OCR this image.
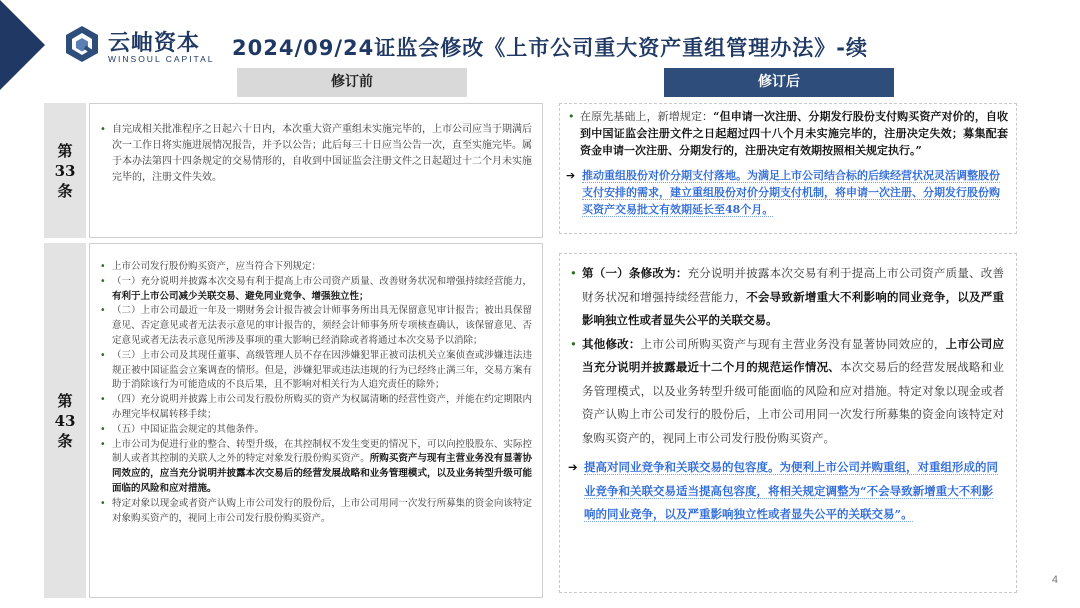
云岫资本
WINSOUL CAPITAL 2024/09/24证监会修改《上市公司重大资产重组管理办法》-续
修订前	修订后
第
33
条
• 自完成相关批准程序之日起六十日内，本次重大资产重组未实施完毕的，上市公司应当于期满后次一工作日将实施进展情况报告，并予以公告；此后每三十日应当公告一次，直至实施完毕。属于本办法第四十四条规定的交易情形的，自收到中国证监会注册文件之日起超过十二个月未实施完毕的，注册文件失效。
• 在原先基础上，新增规定：“但申请一次注册、分期发行股份支付购买资产对价的，自收到中国证监会注册文件之日起超过四十八个月未实施完毕的，注册决定失效；募集配套资金申请一次注册、分期发行的，注册决定有效期按照相关规定执行。”
➔ 推动重组股份对价分期支付落地。为满足上市公司结合标的后续经营状况灵活调整股份支付安排的需求，建立重组股份对价分期支付机制，将申请一次注册、分期发行股份购买资产交易批文有效期延长至48个月。
第
43
条
• 上市公司发行股份购买资产，应当符合下列规定：
• （一）充分说明并披露本次交易有利于提高上市公司资产质量、改善财务状况和增强持续经营能力，有利于上市公司减少关联交易、避免同业竞争、增强独立性；
• （二）上市公司最近一年及一期财务会计报告被会计师事务所出具无保留意见审计报告；被出具保留意见、否定意见或者无法表示意见的审计报告的，须经会计师事务所专项核查确认，该保留意见、否定意见或者无法表示意见所涉及事项的重大影响已经消除或者将通过本次交易予以消除；
• （三）上市公司及其现任董事、高级管理人员不存在因涉嫌犯罪正被司法机关立案侦查或涉嫌违法违规正被中国证监会立案调查的情形。但是，涉嫌犯罪或违法违规的行为已经终止满三年，交易方案有助于消除该行为可能造成的不良后果，且不影响对相关行为人追究责任的除外；
• （四）充分说明并披露上市公司发行股份所购买的资产为权属清晰的经营性资产，并能在约定期限内办理完毕权属转移手续；
• （五）中国证监会规定的其他条件。
• 上市公司为促进行业的整合、转型升级，在其控制权不发生变更的情况下，可以向控股股东、实际控制人或者其控制的关联人之外的特定对象发行股份购买资产。所购买资产与现有主营业务没有显著协同效应的，应当充分说明并披露本次交易后的经营发展战略和业务管理模式，以及业务转型升级可能面临的风险和应对措施。
• 特定对象以现金或者资产认购上市公司发行的股份后，上市公司用同一次发行所募集的资金向该特定对象购买资产的，视同上市公司发行股份购买资产。
• 第（一）条修改为：充分说明并披露本次交易有利于提高上市公司资产质量、改善财务状况和增强持续经营能力，不会导致新增重大不利影响的同业竞争，以及严重影响独立性或者显失公平的关联交易。
• 其他修改：上市公司所购买资产与现有主营业务没有显著协同效应的，上市公司应当充分说明并披露最近十二个月的规范运作情况、本次交易后的经营发展战略和业务管理模式，以及业务转型升级可能面临的风险和应对措施。特定对象以现金或者资产认购上市公司发行的股份后，上市公司用同一次发行所募集的资金向该特定对象购买资产的，视同上市公司发行股份购买资产。
➔ 提高对同业竞争和关联交易的包容度。为便利上市公司并购重组，对重组形成的同业竞争和关联交易适当提高包容度，将相关规定调整为“不会导致新增重大不利影响的同业竞争，以及严重影响独立性或者显失公平的关联交易”。
4
